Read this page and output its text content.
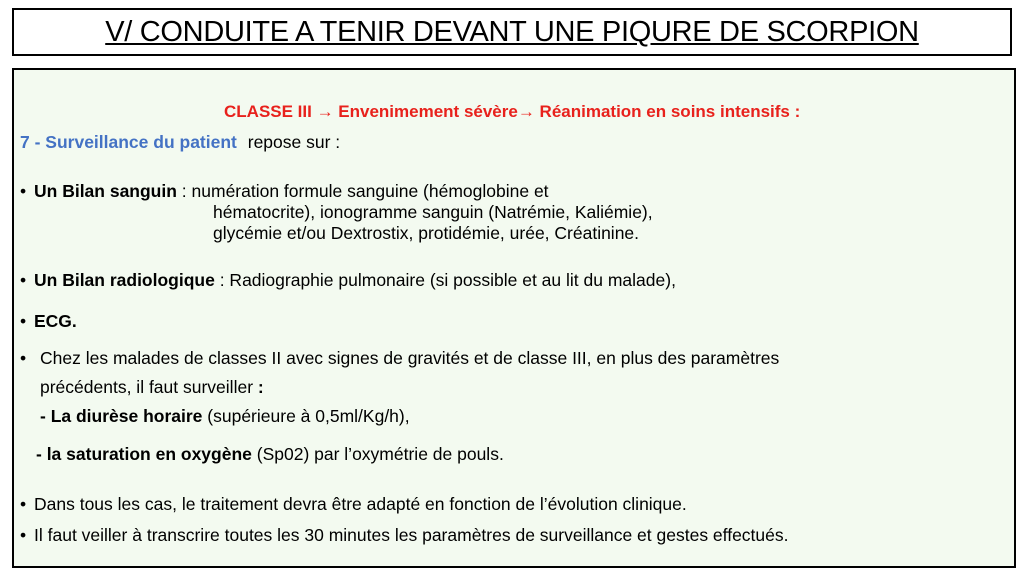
V/ CONDUITE A TENIR DEVANT UNE PIQURE DE SCORPION
CLASSE III → Envenimement sévère→ Réanimation en soins intensifs :
7 - Surveillance du patient repose sur :
• Un Bilan sanguin : numération formule sanguine (hémoglobine et
hématocrite), ionogramme sanguin (Natrémie, Kaliémie),
glycémie et/ou Dextrostix, protidémie, urée, Créatinine.
• Un Bilan radiologique : Radiographie pulmonaire (si possible et au lit du malade),
• ECG.
• Chez les malades de classes II avec signes de gravités et de classe III, en plus des paramètres
précédents, il faut surveiller :
- La diurèse horaire (supérieure à 0,5ml/Kg/h),
- la saturation en oxygène (Sp02) par l’oxymétrie de pouls.
• Dans tous les cas, le traitement devra être adapté en fonction de l’évolution clinique.
• Il faut veiller à transcrire toutes les 30 minutes les paramètres de surveillance et gestes effectués.
